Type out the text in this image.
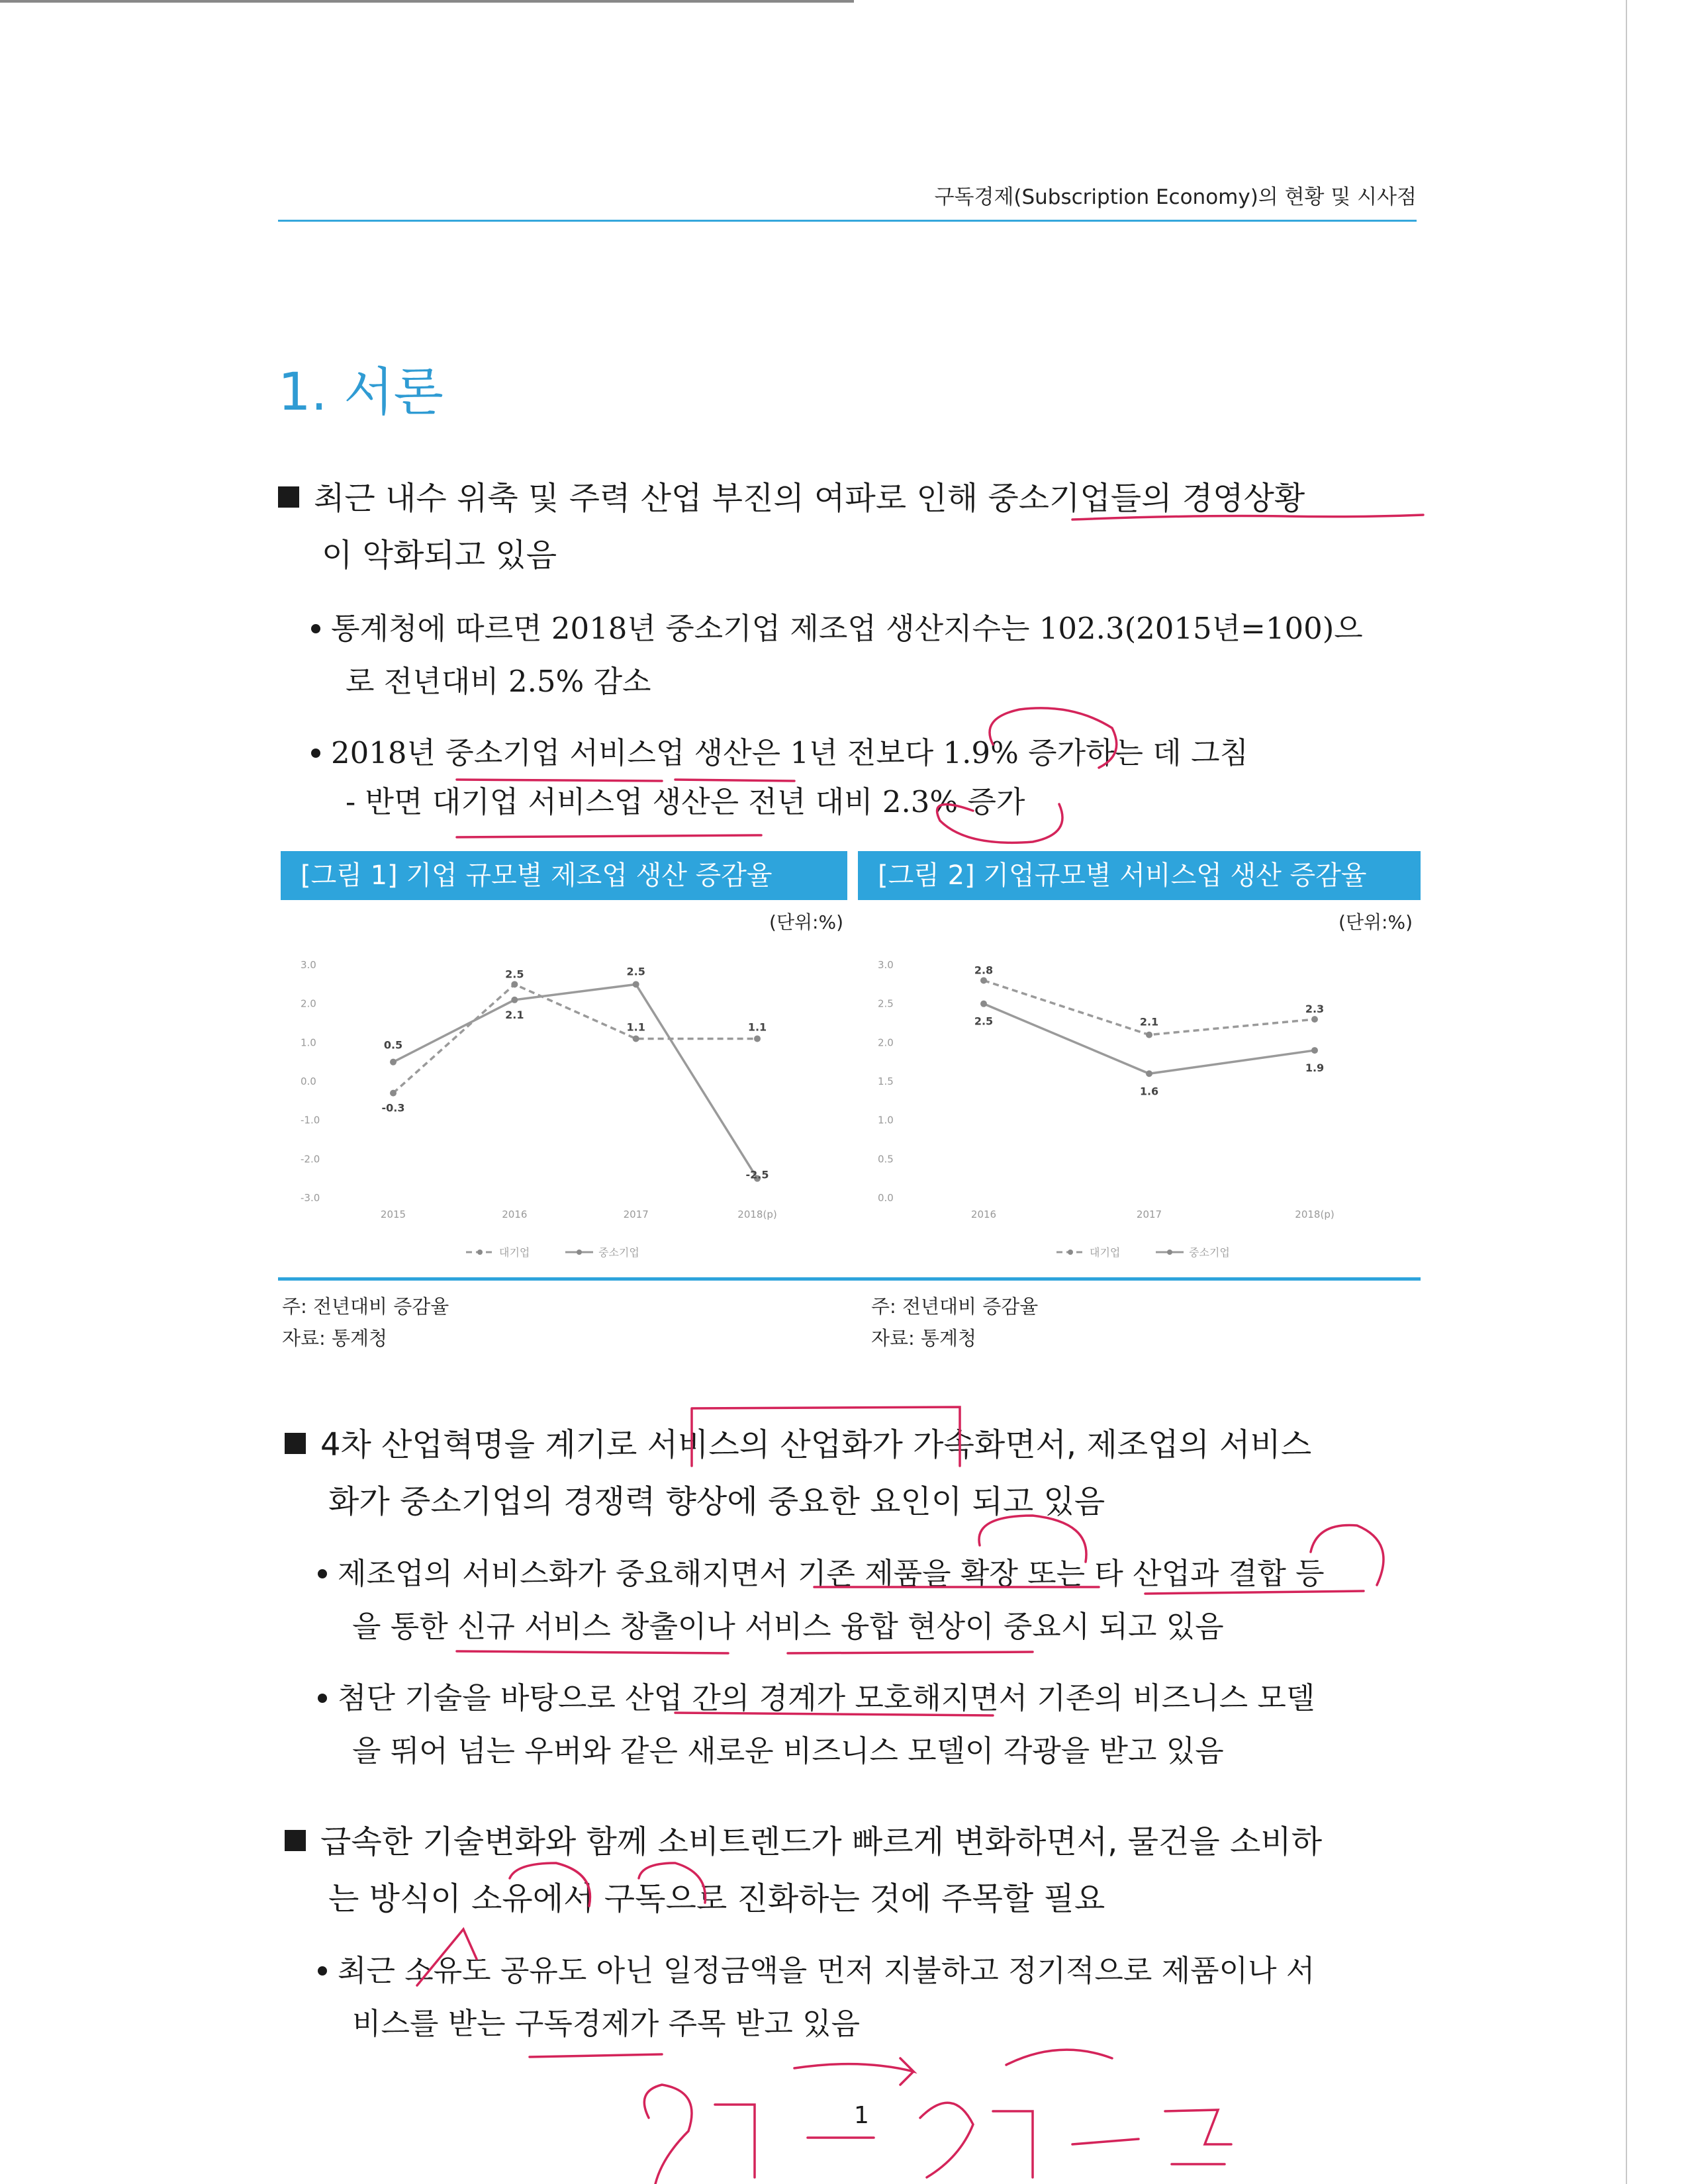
구독경제(Subscription Economy)의 현황 및 시사점
1. 서론
최근 내수 위축 및 주력 산업 부진의 여파로 인해 중소기업들의 경영상황
이 악화되고 있음
통계청에 따르면 2018년 중소기업 제조업 생산지수는 102.3(2015년=100)으
로 전년대비 2.5% 감소
2018년 중소기업 서비스업 생산은 1년 전보다 1.9% 증가하는 데 그침
- 반면 대기업 서비스업 생산은 전년 대비 2.3% 증가
[그림 1] 기업 규모별 제조업 생산 증감율
(단위:%)
3.0
2.0
1.0
0.0
-1.0
-2.0
-3.0
2015	2016	2017	2018(p)
-0.3
2.5
1.1	1.1
0.5
2.1
2.5
-2.5
대기업	중소기업
[그림 2] 기업규모별 서비스업 생산 증감율
(단위:%)
3.0
2.5
2.0
1.5
1.0
0.5
0.0
2016	2017	2018(p)
2.8
2.1
2.3
2.5
1.6
1.9
대기업	중소기업
주: 전년대비 증감율
자료: 통계청
주: 전년대비 증감율
자료: 통계청
4차 산업혁명을 계기로 서비스의 산업화가 가속화면서, 제조업의 서비스
화가 중소기업의 경쟁력 향상에 중요한 요인이 되고 있음
제조업의 서비스화가 중요해지면서 기존 제품을 확장 또는 타 산업과 결합 등
을 통한 신규 서비스 창출이나 서비스 융합 현상이 중요시 되고 있음
첨단 기술을 바탕으로 산업 간의 경계가 모호해지면서 기존의 비즈니스 모델
을 뛰어 넘는 우버와 같은 새로운 비즈니스 모델이 각광을 받고 있음
급속한 기술변화와 함께 소비트렌드가 빠르게 변화하면서, 물건을 소비하
는 방식이 소유에서 구독으로 진화하는 것에 주목할 필요
최근 소유도 공유도 아닌 일정금액을 먼저 지불하고 정기적으로 제품이나 서
비스를 받는 구독경제가 주목 받고 있음
1
